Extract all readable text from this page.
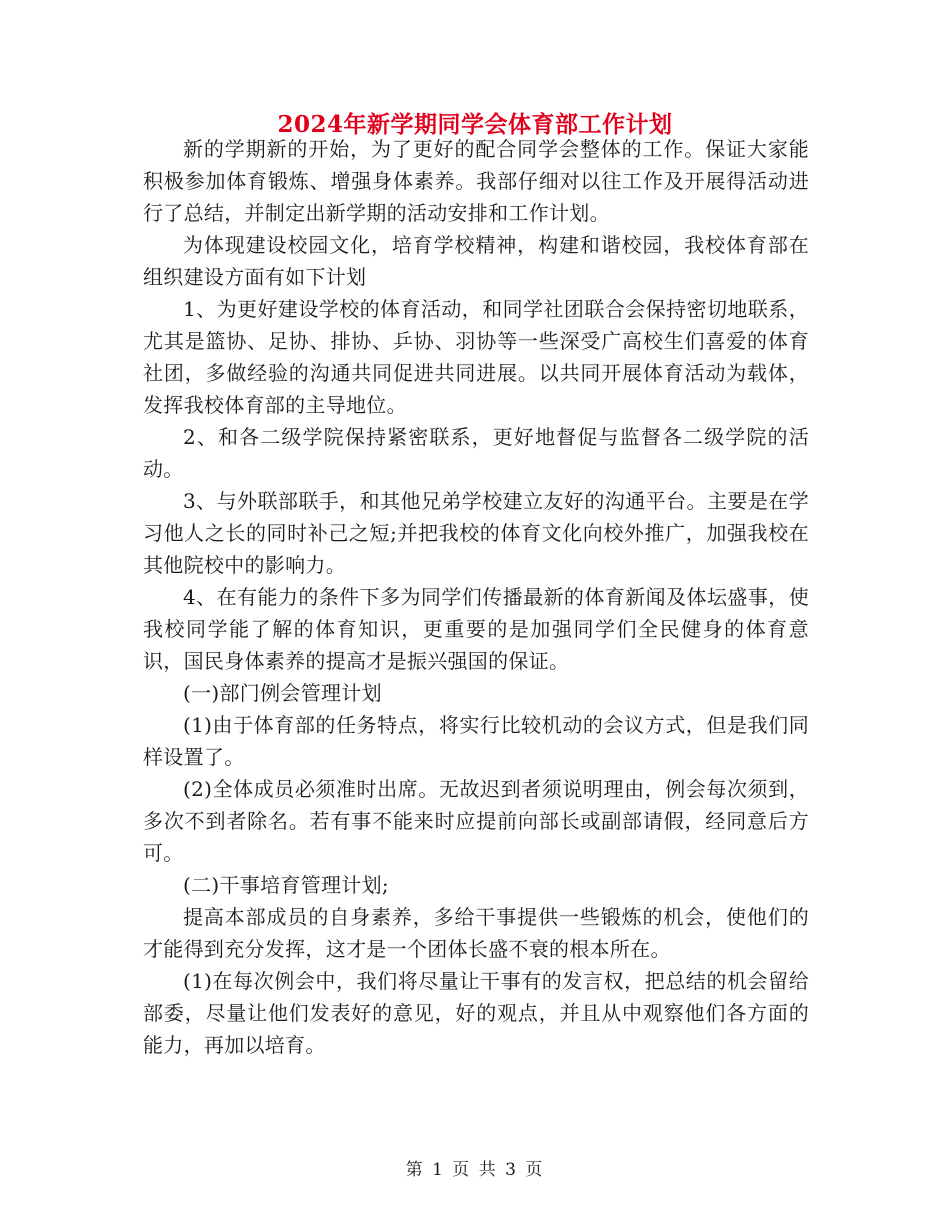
2024年新学期同学会体育部工作计划

新的学期新的开始，为了更好的配合同学会整体的工作。保证大家能积极参加体育锻炼、增强身体素养。我部仔细对以往工作及开展得活动进行了总结，并制定出新学期的活动安排和工作计划。

为体现建设校园文化，培育学校精神，构建和谐校园，我校体育部在组织建设方面有如下计划

1、为更好建设学校的体育活动，和同学社团联合会保持密切地联系，尤其是篮协、足协、排协、乒协、羽协等一些深受广高校生们喜爱的体育社团，多做经验的沟通共同促进共同进展。以共同开展体育活动为载体，发挥我校体育部的主导地位。

2、和各二级学院保持紧密联系，更好地督促与监督各二级学院的活动。

3、与外联部联手，和其他兄弟学校建立友好的沟通平台。主要是在学习他人之长的同时补己之短;并把我校的体育文化向校外推广，加强我校在其他院校中的影响力。

4、在有能力的条件下多为同学们传播最新的体育新闻及体坛盛事，使我校同学能了解的体育知识，更重要的是加强同学们全民健身的体育意识，国民身体素养的提高才是振兴强国的保证。

(一)部门例会管理计划

(1)由于体育部的任务特点，将实行比较机动的会议方式，但是我们同样设置了。

(2)全体成员必须准时出席。无故迟到者须说明理由，例会每次须到，多次不到者除名。若有事不能来时应提前向部长或副部请假，经同意后方可。

(二)干事培育管理计划;

提高本部成员的自身素养，多给干事提供一些锻炼的机会，使他们的才能得到充分发挥，这才是一个团体长盛不衰的根本所在。

(1)在每次例会中，我们将尽量让干事有的发言权，把总结的机会留给部委，尽量让他们发表好的意见，好的观点，并且从中观察他们各方面的能力，再加以培育。

第 1 页 共 3 页
